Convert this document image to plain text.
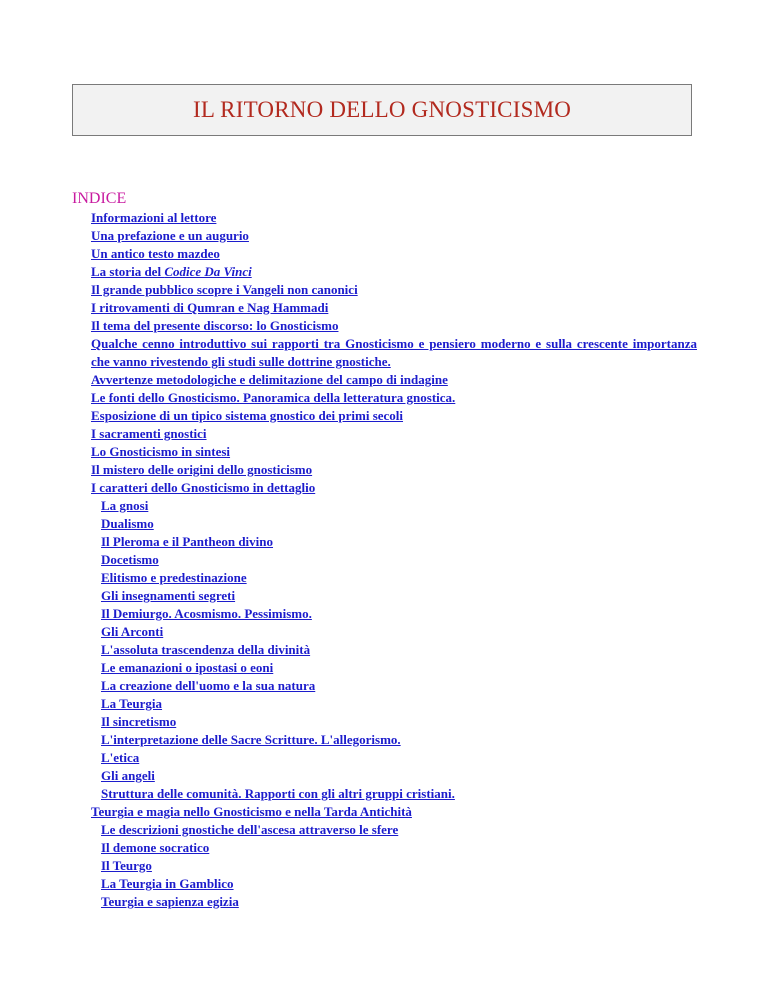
IL RITORNO DELLO GNOSTICISMO
INDICE
Informazioni al lettore
Una prefazione e un augurio
Un antico testo mazdeo
La storia del Codice Da Vinci
Il grande pubblico scopre i Vangeli non canonici
I ritrovamenti di Qumran e Nag Hammadi
Il tema del presente discorso: lo Gnosticismo
Qualche cenno introduttivo sui rapporti tra Gnosticismo e pensiero moderno e sulla crescente importanza che vanno rivestendo gli studi sulle dottrine gnostiche.
Avvertenze metodologiche e delimitazione del campo di indagine
Le fonti dello Gnosticismo. Panoramica della letteratura gnostica.
Esposizione di un tipico sistema gnostico dei primi secoli
I sacramenti gnostici
Lo Gnosticismo in sintesi
Il mistero delle origini dello gnosticismo
I caratteri dello Gnosticismo in dettaglio
La gnosi
Dualismo
Il Pleroma e il Pantheon divino
Docetismo
Elitismo e predestinazione
Gli insegnamenti segreti
Il Demiurgo. Acosmismo. Pessimismo.
Gli Arconti
L'assoluta trascendenza della divinità
Le emanazioni o ipostasi o eoni
La creazione dell'uomo e la sua natura
La Teurgia
Il sincretismo
L'interpretazione delle Sacre Scritture. L'allegorismo.
L'etica
Gli angeli
Struttura delle comunità. Rapporti con gli altri gruppi cristiani.
Teurgia e magia nello Gnosticismo e nella Tarda Antichità
Le descrizioni gnostiche dell'ascesa attraverso le sfere
Il demone socratico
Il Teurgo
La Teurgia in Gamblico
Teurgia e sapienza egizia
